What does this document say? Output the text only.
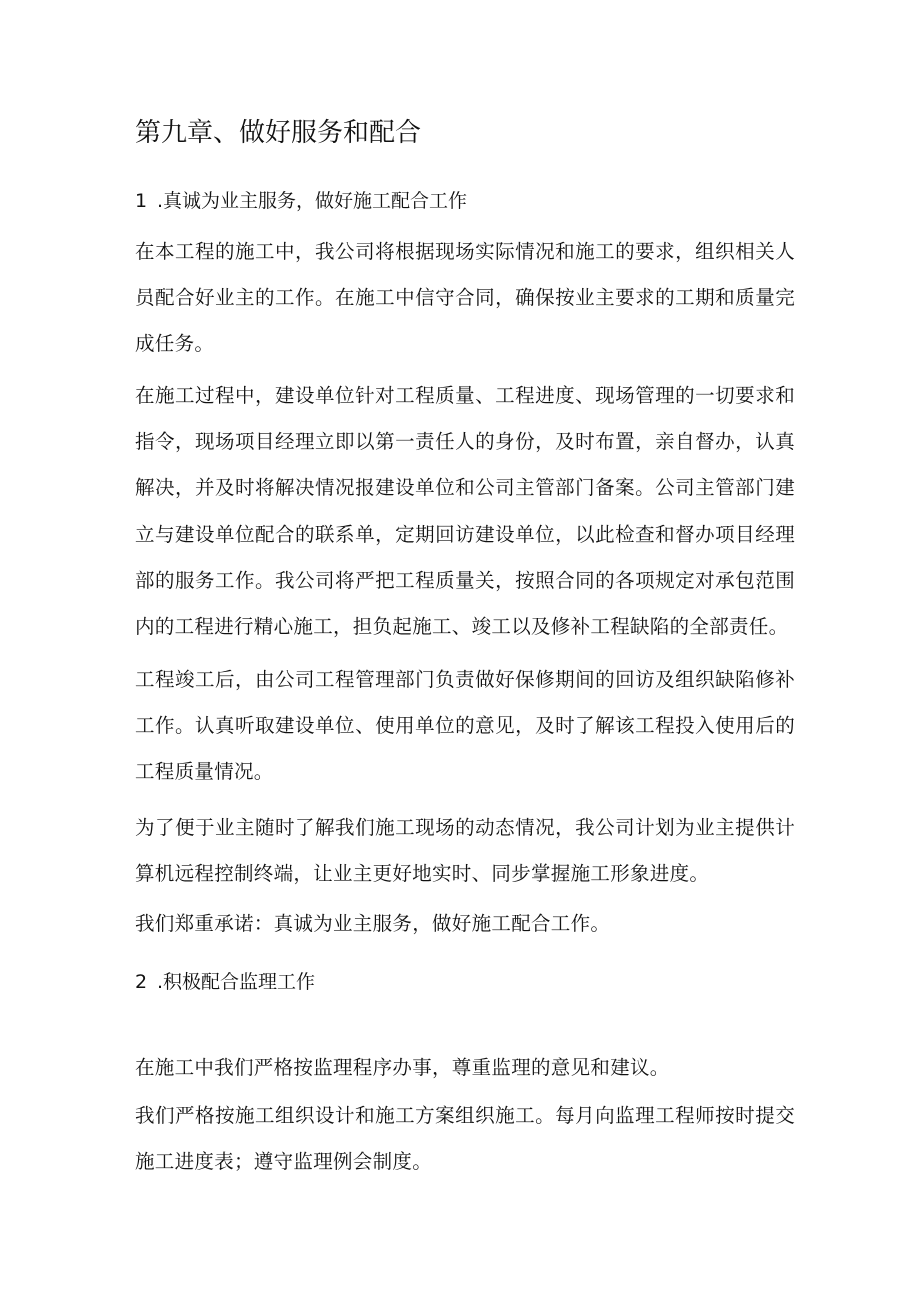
第九章、做好服务和配合
1 .真诚为业主服务，做好施工配合工作

在本工程的施工中，我公司将根据现场实际情况和施工的要求，组织相关人员配合好业主的工作。在施工中信守合同，确保按业主要求的工期和质量完成任务。

在施工过程中，建设单位针对工程质量、工程进度、现场管理的一切要求和指令，现场项目经理立即以第一责任人的身份，及时布置，亲自督办，认真解决，并及时将解决情况报建设单位和公司主管部门备案。公司主管部门建立与建设单位配合的联系单，定期回访建设单位，以此检查和督办项目经理部的服务工作。我公司将严把工程质量关，按照合同的各项规定对承包范围内的工程进行精心施工，担负起施工、竣工以及修补工程缺陷的全部责任。

工程竣工后，由公司工程管理部门负责做好保修期间的回访及组织缺陷修补工作。认真听取建设单位、使用单位的意见，及时了解该工程投入使用后的工程质量情况。

为了便于业主随时了解我们施工现场的动态情况，我公司计划为业主提供计算机远程控制终端，让业主更好地实时、同步掌握施工形象进度。

我们郑重承诺：真诚为业主服务，做好施工配合工作。

2 .积极配合监理工作

在施工中我们严格按监理程序办事，尊重监理的意见和建议。

我们严格按施工组织设计和施工方案组织施工。每月向监理工程师按时提交施工进度表；遵守监理例会制度。
